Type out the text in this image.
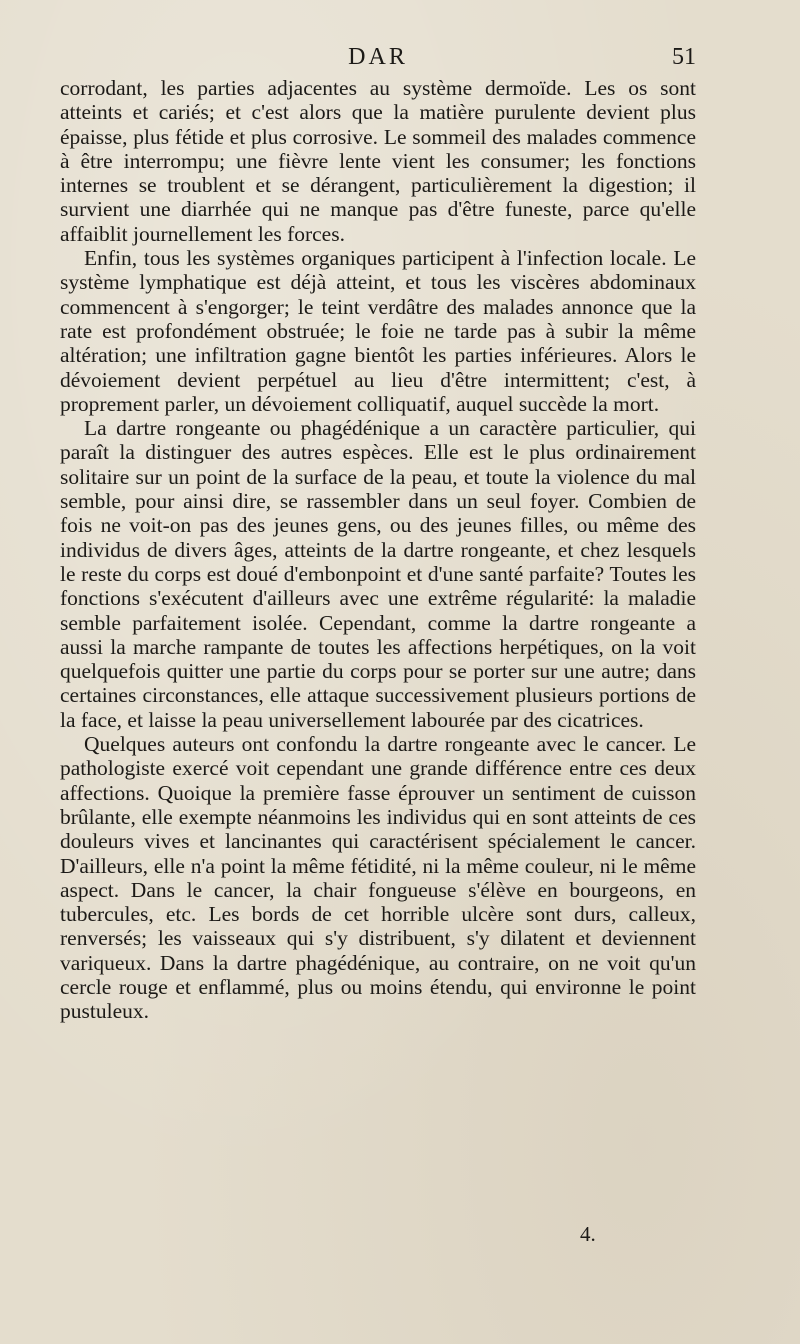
DAR	51

corrodant, les parties adjacentes au système dermoïde. Les os sont atteints et cariés; et c'est alors que la matière purulente devient plus épaisse, plus fétide et plus corrosive. Le sommeil des malades commence à être interrompu; une fièvre lente vient les consumer; les fonctions internes se troublent et se dérangent, particulièrement la digestion; il survient une diarrhée qui ne manque pas d'être funeste, parce qu'elle affaiblit journellement les forces.

Enfin, tous les systèmes organiques participent à l'infection locale. Le système lymphatique est déjà atteint, et tous les viscères abdominaux commencent à s'engorger; le teint verdâtre des malades annonce que la rate est profondément obstruée; le foie ne tarde pas à subir la même altération; une infiltration gagne bientôt les parties inférieures. Alors le dévoiement devient perpétuel au lieu d'être intermittent; c'est, à proprement parler, un dévoiement colliquatif, auquel succède la mort.

La dartre rongeante ou phagédénique a un caractère particulier, qui paraît la distinguer des autres espèces. Elle est le plus ordinairement solitaire sur un point de la surface de la peau, et toute la violence du mal semble, pour ainsi dire, se rassembler dans un seul foyer. Combien de fois ne voit-on pas des jeunes gens, ou des jeunes filles, ou même des individus de divers âges, atteints de la dartre rongeante, et chez lesquels le reste du corps est doué d'embonpoint et d'une santé parfaite? Toutes les fonctions s'exécutent d'ailleurs avec une extrême régularité: la maladie semble parfaitement isolée. Cependant, comme la dartre rongeante a aussi la marche rampante de toutes les affections herpétiques, on la voit quelquefois quitter une partie du corps pour se porter sur une autre; dans certaines circonstances, elle attaque successivement plusieurs portions de la face, et laisse la peau universellement labourée par des cicatrices.

Quelques auteurs ont confondu la dartre rongeante avec le cancer. Le pathologiste exercé voit cependant une grande différence entre ces deux affections. Quoique la première fasse éprouver un sentiment de cuisson brûlante, elle exempte néanmoins les individus qui en sont atteints de ces douleurs vives et lancinantes qui caractérisent spécialement le cancer. D'ailleurs, elle n'a point la même fétidité, ni la même couleur, ni le même aspect. Dans le cancer, la chair fongueuse s'élève en bourgeons, en tubercules, etc. Les bords de cet horrible ulcère sont durs, calleux, renversés; les vaisseaux qui s'y distribuent, s'y dilatent et deviennent variqueux. Dans la dartre phagédénique, au contraire, on ne voit qu'un cercle rouge et enflammé, plus ou moins étendu, qui environne le point pustuleux.

4.
